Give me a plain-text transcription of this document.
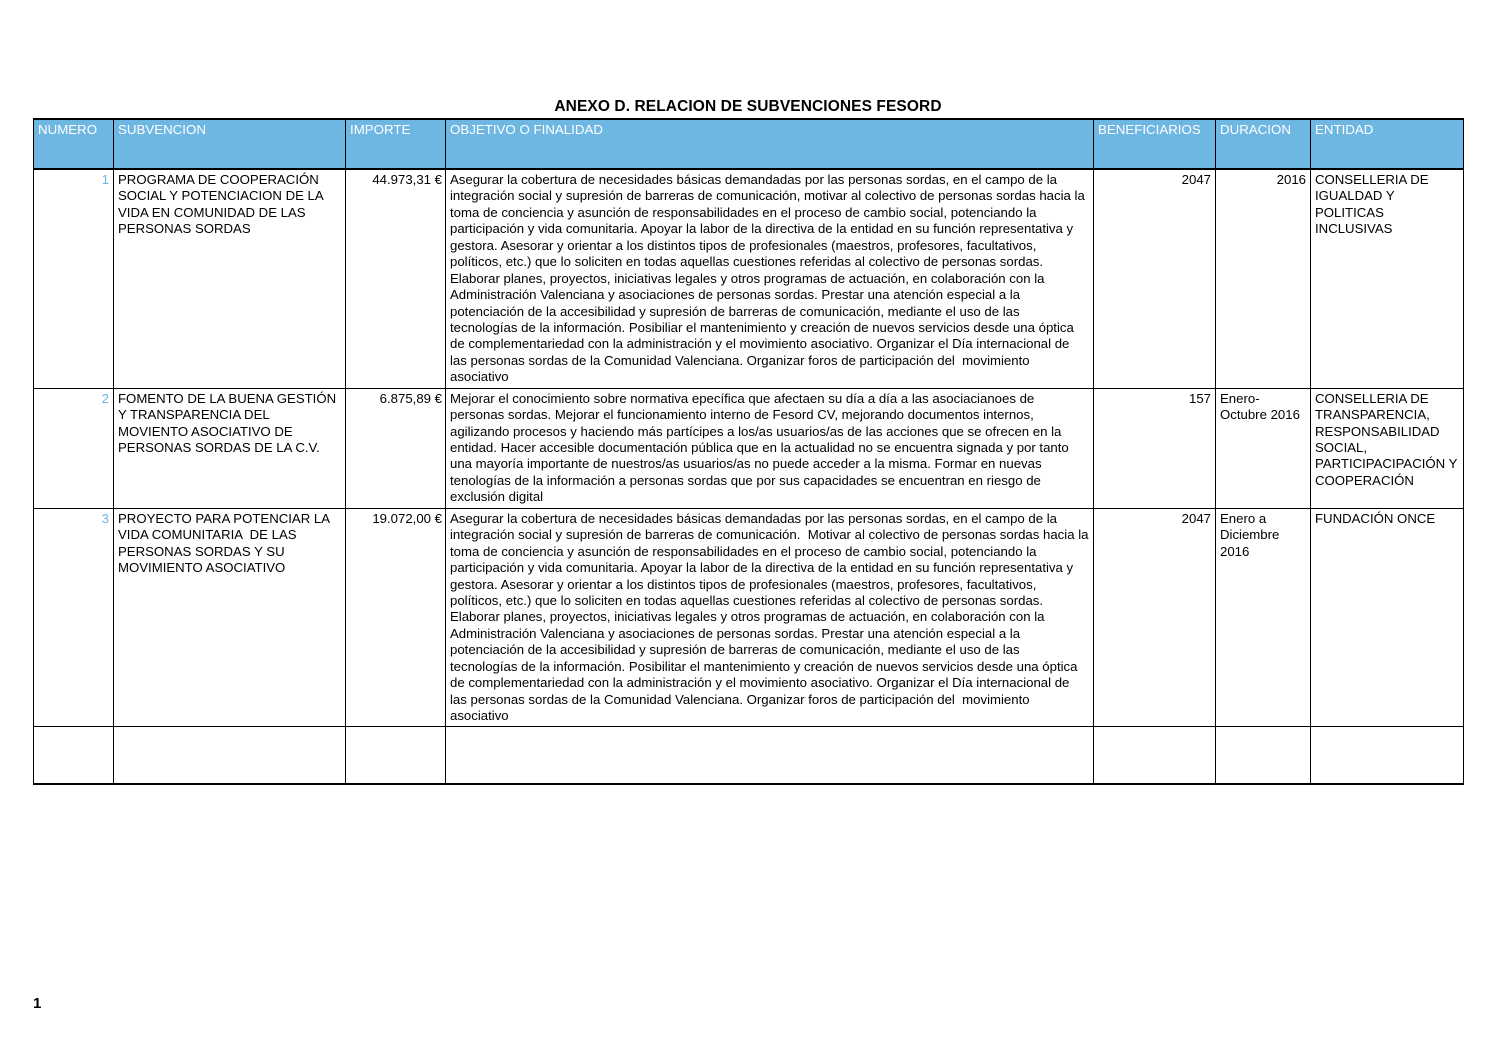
ANEXO D. RELACION DE SUBVENCIONES FESORD
NUMERO	SUBVENCION	IMPORTE	OBJETIVO O FINALIDAD	BENEFICIARIOS	DURACION	ENTIDAD

1	PROGRAMA DE COOPERACIÓN SOCIAL Y POTENCIACION DE LA VIDA EN COMUNIDAD DE LAS PERSONAS SORDAS	44.973,31 €	Asegurar la cobertura de necesidades básicas demandadas por las personas sordas, en el campo de la integración social y supresión de barreras de comunicación, motivar al colectivo de personas sordas hacia la toma de conciencia y asunción de responsabilidades en el proceso de cambio social, potenciando la participación y vida comunitaria. Apoyar la labor de la directiva de la entidad en su función representativa y gestora. Asesorar y orientar a los distintos tipos de profesionales (maestros, profesores, facultativos, políticos, etc.) que lo soliciten en todas aquellas cuestiones referidas al colectivo de personas sordas. Elaborar planes, proyectos, iniciativas legales y otros programas de actuación, en colaboración con la Administración Valenciana y asociaciones de personas sordas. Prestar una atención especial a la potenciación de la accesibilidad y supresión de barreras de comunicación, mediante el uso de las tecnologías de la información. Posibiliar el mantenimiento y creación de nuevos servicios desde una óptica de complementariedad con la administración y el movimiento asociativo. Organizar el Día internacional de las personas sordas de la Comunidad Valenciana. Organizar foros de participación del  movimiento asociativo	2047	2016	CONSELLERIA DE IGUALDAD Y POLITICAS INCLUSIVAS

2	FOMENTO DE LA BUENA GESTIÓN Y TRANSPARENCIA DEL MOVIENTO ASOCIATIVO DE PERSONAS SORDAS DE LA C.V.	6.875,89 €	Mejorar el conocimiento sobre normativa epecífica que afectaen su día a día a las asociacianoes de personas sordas. Mejorar el funcionamiento interno de Fesord CV, mejorando documentos internos, agilizando procesos y haciendo más partícipes a los/as usuarios/as de las acciones que se ofrecen en la entidad. Hacer accesible documentación pública que en la actualidad no se encuentra signada y por tanto una mayoría importante de nuestros/as usuarios/as no puede acceder a la misma. Formar en nuevas tenologías de la información a personas sordas que por sus capacidades se encuentran en riesgo de exclusión digital	157	Enero-Octubre 2016	CONSELLERIA DE TRANSPARENCIA, RESPONSABILIDAD SOCIAL, PARTICIPACIPACIÓN Y COOPERACIÓN

3	PROYECTO PARA POTENCIAR LA VIDA COMUNITARIA  DE LAS PERSONAS SORDAS Y SU MOVIMIENTO ASOCIATIVO	19.072,00 €	Asegurar la cobertura de necesidades básicas demandadas por las personas sordas, en el campo de la integración social y supresión de barreras de comunicación.  Motivar al colectivo de personas sordas hacia la toma de conciencia y asunción de responsabilidades en el proceso de cambio social, potenciando la participación y vida comunitaria. Apoyar la labor de la directiva de la entidad en su función representativa y gestora. Asesorar y orientar a los distintos tipos de profesionales (maestros, profesores, facultativos, políticos, etc.) que lo soliciten en todas aquellas cuestiones referidas al colectivo de personas sordas. Elaborar planes, proyectos, iniciativas legales y otros programas de actuación, en colaboración con la Administración Valenciana y asociaciones de personas sordas. Prestar una atención especial a la potenciación de la accesibilidad y supresión de barreras de comunicación, mediante el uso de las tecnologías de la información. Posibilitar el mantenimiento y creación de nuevos servicios desde una óptica de complementariedad con la administración y el movimiento asociativo. Organizar el Día internacional de las personas sordas de la Comunidad Valenciana. Organizar foros de participación del  movimiento asociativo	2047	Enero a Diciembre 2016	FUNDACIÓN ONCE

1
